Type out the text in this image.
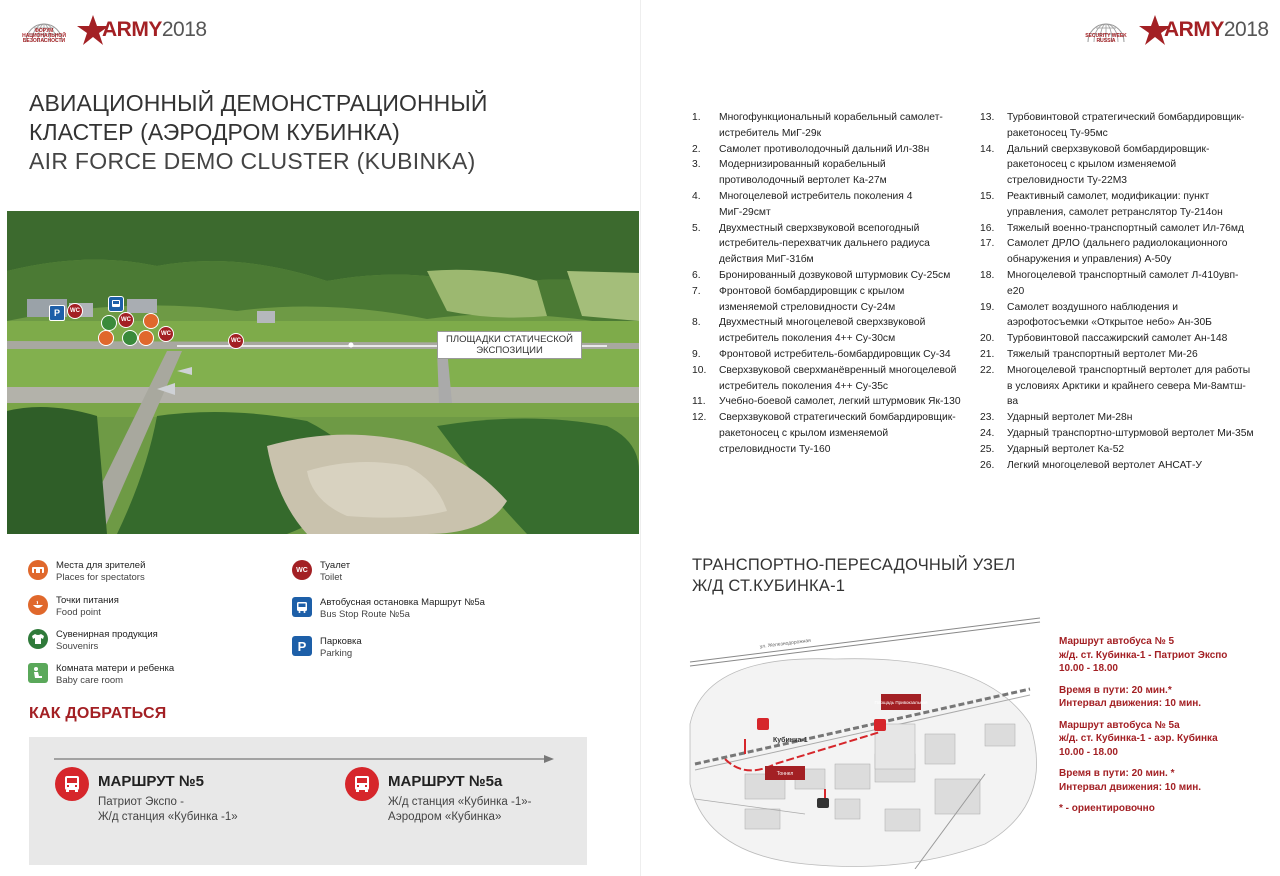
ФОРУМ НАЦИОНАЛЬНОЙ БЕЗОПАСНОСТИ ARMY 2018	SECURITY WEEK RUSSIA	ARMY 2018
АВИАЦИОННЫЙ ДЕМОНСТРАЦИОННЫЙ
КЛАСТЕР (АЭРОДРОМ КУБИНКА)
AIR FORCE DEMO CLUSTER (KUBINKA)
ПЛОЩАДКИ СТАТИЧЕСКОЙ
ЭКСПОЗИЦИИ
P	WC
WC
WC
WC
Места для зрителей
Places for spectators
Точки питания
Food point
Сувенирная продукция
Souvenirs
Комната матери и ребенка
Baby care room
WC	Туалет
Toilet
Автобусная остановка Маршрут №5а
Bus Stop Route №5а
P	Парковка
Parking
КАК ДОБРАТЬСЯ
МАРШРУТ №5
Патриот Экспо -
Ж/д станция «Кубинка -1»
МАРШРУТ №5а
Ж/д станция «Кубинка -1»-
Аэродром «Кубинка»
1.	Многофункциональный корабельный самолет-истребитель МиГ-29к
2.	Самолет противолодочный дальний Ил-38н
3.	Модернизированный корабельный противолодочный вертолет Ка-27м
4.	Многоцелевой истребитель поколения 4 МиГ-29смт
5.	Двухместный сверхзвуковой всепогодный истребитель-перехватчик дальнего радиуса действия МиГ-31бм
6.	Бронированный дозвуковой штурмовик Су-25см
7.	Фронтовой бомбардировщик с крылом изменяемой стреловидности Су-24м
8.	Двухместный многоцелевой сверхзвуковой истребитель поколения 4++ Су-30см
9.	Фронтовой истребитель-бомбардировщик Су-34
10.	Сверхзвуковой сверхманёвренный многоцелевой истребитель поколения 4++ Су-35с
11.	Учебно-боевой самолет, легкий штурмовик Як-130
12.	Сверхзвуковой стратегический бомбардировщик-ракетоносец с крылом изменяемой стреловидности Ту-160
13.	Турбовинтовой стратегический бомбардировщик-ракетоносец Ту-95мс
14.	Дальний сверхзвуковой бомбардировщик-ракетоносец с крылом изменяемой стреловидности Ту-22М3
15.	Реактивный самолет, модификации: пункт управления, самолет ретранслятор Ту-214он
16.	Тяжелый военно-транспортный самолет Ил-76мд
17.	Самолет ДРЛО (дальнего радиолокационного обнаружения и управления) А-50у
18.	Многоцелевой транспортный самолет Л-410увп-е20
19.	Самолет воздушного наблюдения и аэрофотосъемки «Открытое небо» Ан-30Б
20.	Турбовинтовой пассажирский самолет Ан-148
21.	Тяжелый транспортный вертолет Ми-26
22.	Многоцелевой транспортный вертолет для работы в условиях Арктики и крайнего севера Ми-8амтш-ва
23.	Ударный вертолет Ми-28н
24.	Ударный транспортно-штурмовой вертолет Ми-35м
25.	Ударный вертолет Ка-52
26.	Легкий многоцелевой вертолет АНСАТ-У
ТРАНСПОРТНО-ПЕРЕСАДОЧНЫЙ УЗЕЛ
Ж/Д СТ.КУБИНКА-1
ул. Железнодорожная
Площадь Привокзальная
Тоннел
Кубинка-1

Маршрут автобуса № 5
ж/д. ст. Кубинка-1 - Патриот Экспо
10.00 - 18.00

Время в пути: 20 мин.*
Интервал движения: 10 мин.

Маршрут автобуса № 5а
ж/д. ст. Кубинка-1 - аэр. Кубинка
10.00 - 18.00

Время в пути: 20 мин. *
Интервал движения: 10 мин.

* - ориентировочно
